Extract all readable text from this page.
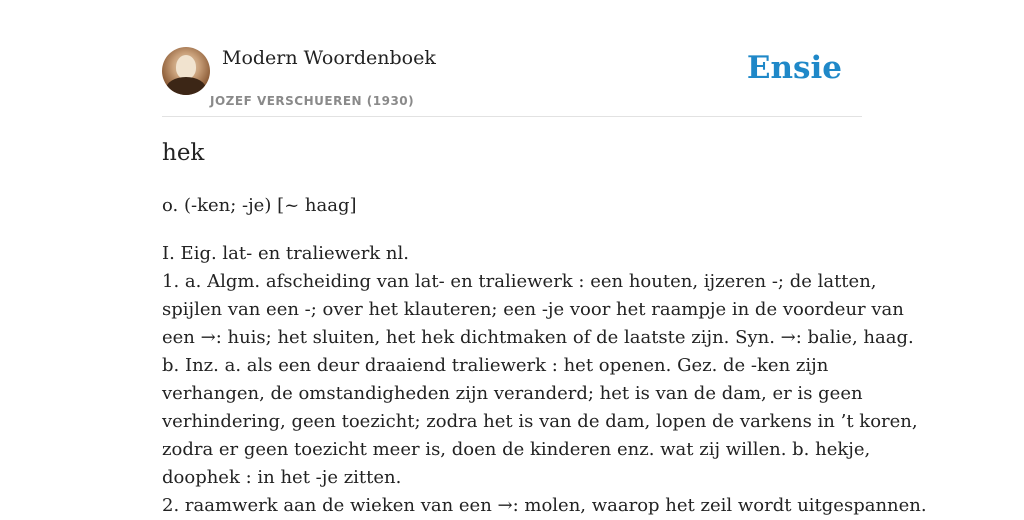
Modern Woordenboek
JOZEF VERSCHUEREN (1930)
Ensie
hek
o. (-ken; -je) [~ haag]
I. Eig. lat- en traliewerk nl.
1. a. Algm. afscheiding van lat- en traliewerk : een houten, ijzeren -; de latten,
spijlen van een -; over het klauteren; een -je voor het raampje in de voordeur van
een →: huis; het sluiten, het hek dichtmaken of de laatste zijn. Syn. →: balie, haag.
b. Inz. a. als een deur draaiend traliewerk : het openen. Gez. de -ken zijn
verhangen, de omstandigheden zijn veranderd; het is van de dam, er is geen
verhindering, geen toezicht; zodra het is van de dam, lopen de varkens in ’t koren,
zodra er geen toezicht meer is, doen de kinderen enz. wat zij willen. b. hekje,
doophek : in het -je zitten.
2. raamwerk aan de wieken van een →: molen, waarop het zeil wordt uitgespannen.
